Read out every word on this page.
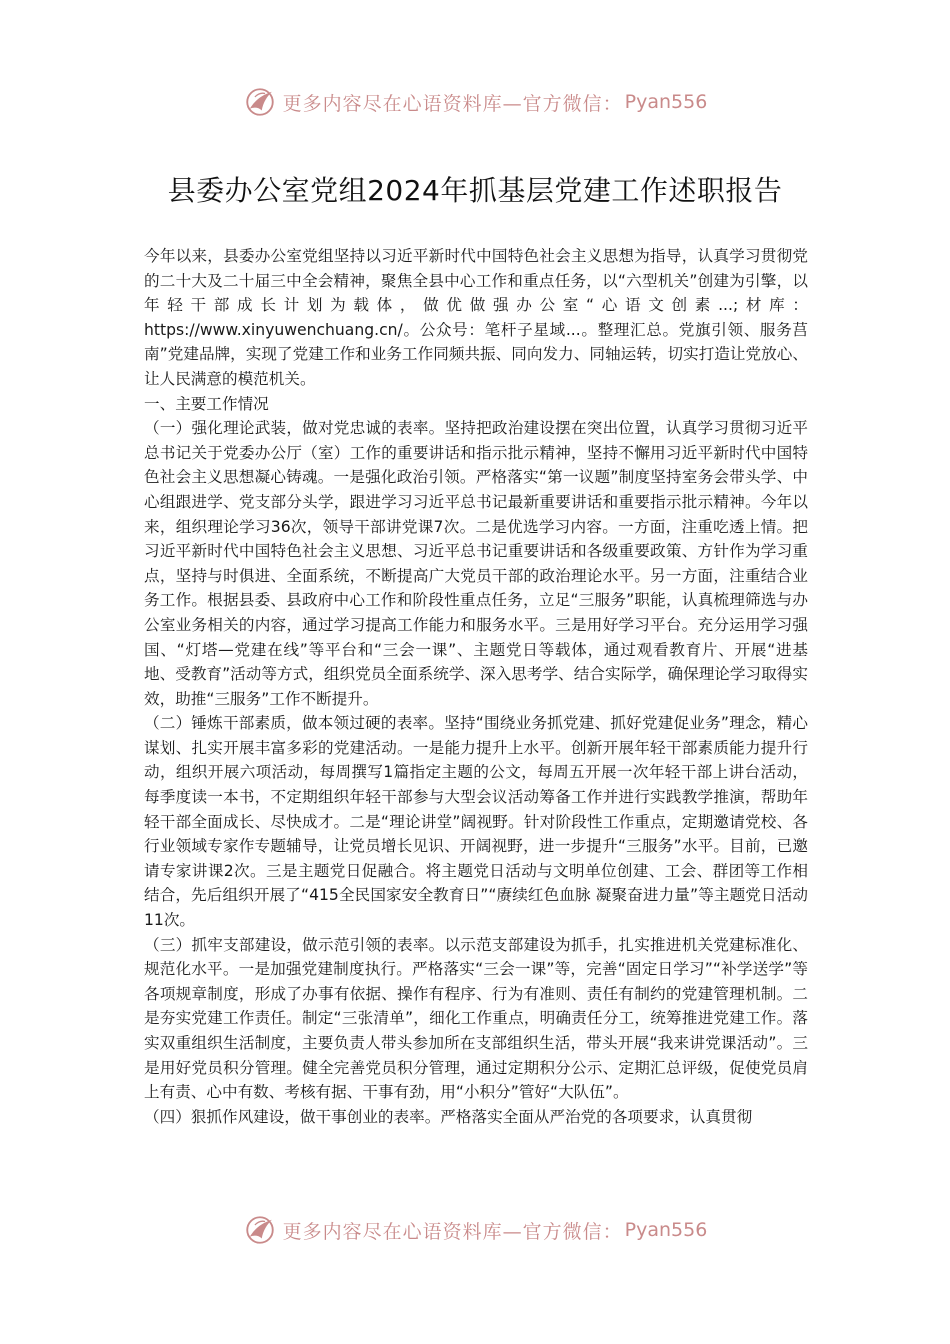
更多内容尽在心语资料库—官方微信： Pyan556
县委办公室党组2024年抓基层党建工作述职报告

今年以来，县委办公室党组坚持以习近平新时代中国特色社会主义思想为指导，认真学习贯彻党的二十大及二十届三中全会精神，聚焦全县中心工作和重点任务，以“六型机关”创建为引擎，以年轻干部成长计划为载体，做优做强办公室“心语文创素...;材库：https://www.xinyuwenchuang.cn/。公众号：笔杆子星域...。整理汇总。党旗引领、服务莒南”党建品牌，实现了党建工作和业务工作同频共振、同向发力、同轴运转，切实打造让党放心、让人民满意的模范机关。

一、主要工作情况

（一）强化理论武装，做对党忠诚的表率。坚持把政治建设摆在突出位置，认真学习贯彻习近平总书记关于党委办公厅（室）工作的重要讲话和指示批示精神，坚持不懈用习近平新时代中国特色社会主义思想凝心铸魂。一是强化政治引领。严格落实“第一议题”制度坚持室务会带头学、中心组跟进学、党支部分头学，跟进学习习近平总书记最新重要讲话和重要指示批示精神。今年以来，组织理论学习36次，领导干部讲党课7次。二是优选学习内容。一方面，注重吃透上情。把习近平新时代中国特色社会主义思想、习近平总书记重要讲话和各级重要政策、方针作为学习重点，坚持与时俱进、全面系统，不断提高广大党员干部的政治理论水平。另一方面，注重结合业务工作。根据县委、县政府中心工作和阶段性重点任务，立足“三服务”职能，认真梳理筛选与办公室业务相关的内容，通过学习提高工作能力和服务水平。三是用好学习平台。充分运用学习强国、“灯塔—党建在线”等平台和“三会一课”、主题党日等载体，通过观看教育片、开展“进基地、受教育”活动等方式，组织党员全面系统学、深入思考学、结合实际学，确保理论学习取得实效，助推“三服务”工作不断提升。

（二）锤炼干部素质，做本领过硬的表率。坚持“围绕业务抓党建、抓好党建促业务”理念，精心谋划、扎实开展丰富多彩的党建活动。一是能力提升上水平。创新开展年轻干部素质能力提升行动，组织开展六项活动，每周撰写1篇指定主题的公文，每周五开展一次年轻干部上讲台活动，每季度读一本书，不定期组织年轻干部参与大型会议活动筹备工作并进行实践教学推演，帮助年轻干部全面成长、尽快成才。二是“理论讲堂”阔视野。针对阶段性工作重点，定期邀请党校、各行业领域专家作专题辅导，让党员增长见识、开阔视野，进一步提升“三服务”水平。目前，已邀请专家讲课2次。三是主题党日促融合。将主题党日活动与文明单位创建、工会、群团等工作相结合，先后组织开展了“415全民国家安全教育日”“赓续红色血脉 凝聚奋进力量”等主题党日活动11次。

（三）抓牢支部建设，做示范引领的表率。以示范支部建设为抓手，扎实推进机关党建标准化、规范化水平。一是加强党建制度执行。严格落实“三会一课”等，完善“固定日学习”“补学送学”等各项规章制度，形成了办事有依据、操作有程序、行为有准则、责任有制约的党建管理机制。二是夯实党建工作责任。制定“三张清单”，细化工作重点，明确责任分工，统筹推进党建工作。落实双重组织生活制度，主要负责人带头参加所在支部组织生活，带头开展“我来讲党课活动”。三是用好党员积分管理。健全完善党员积分管理，通过定期积分公示、定期汇总评级，促使党员肩上有责、心中有数、考核有据、干事有劲，用“小积分”管好“大队伍”。

（四）狠抓作风建设，做干事创业的表率。严格落实全面从严治党的各项要求，认真贯彻

更多内容尽在心语资料库—官方微信： Pyan556
